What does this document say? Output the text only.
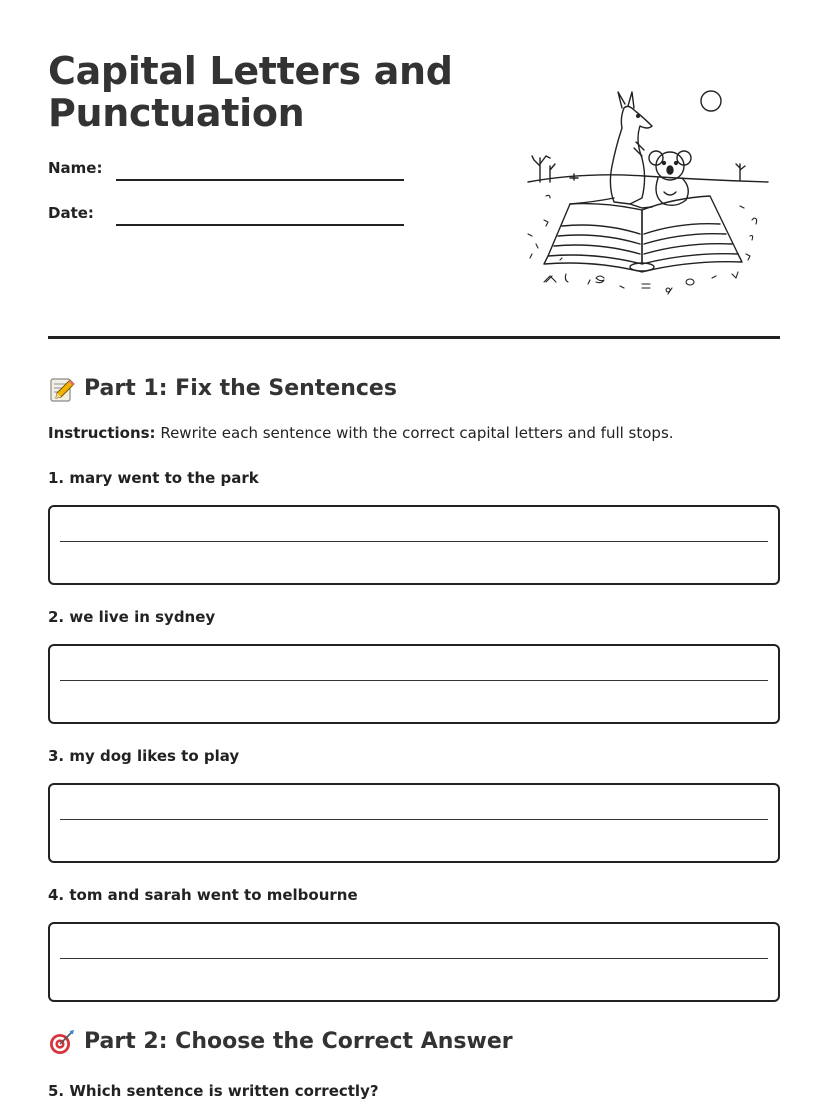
Capital Letters and Punctuation
Name:
Date:
Part 1: Fix the Sentences
Instructions: Rewrite each sentence with the correct capital letters and full stops.
1. mary went to the park
2. we live in sydney
3. my dog likes to play
4. tom and sarah went to melbourne
Part 2: Choose the Correct Answer
5. Which sentence is written correctly?
